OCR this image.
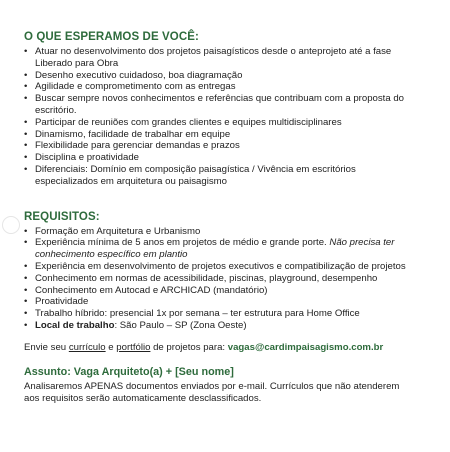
O QUE ESPERAMOS DE VOCÊ:
• Atuar no desenvolvimento dos projetos paisagísticos desde o anteprojeto até a fase Liberado para Obra
• Desenho executivo cuidadoso, boa diagramação
• Agilidade e comprometimento com as entregas
• Buscar sempre novos conhecimentos e referências que contribuam com a proposta do escritório.
• Participar de reuniões com grandes clientes e equipes multidisciplinares
• Dinamismo, facilidade de trabalhar em equipe
• Flexibilidade para gerenciar demandas e prazos
• Disciplina e proatividade
• Diferenciais: Domínio em composição paisagística / Vivência em escritórios especializados em arquitetura ou paisagismo
REQUISITOS:
• Formação em Arquitetura e Urbanismo
• Experiência mínima de 5 anos em projetos de médio e grande porte. Não precisa ter conhecimento específico em plantio
• Experiência em desenvolvimento de projetos executivos e compatibilização de projetos
• Conhecimento em normas de acessibilidade, piscinas, playground, desempenho
• Conhecimento em Autocad e ARCHICAD (mandatório)
• Proatividade
• Trabalho híbrido: presencial 1x por semana – ter estrutura para Home Office
• Local de trabalho: São Paulo – SP (Zona Oeste)
Envie seu currículo e portfólio de projetos para: vagas@cardimpaisagismo.com.br
Assunto: Vaga Arquiteto(a) + [Seu nome]
Analisaremos APENAS documentos enviados por e-mail. Currículos que não atenderem aos requisitos serão automaticamente desclassificados.
